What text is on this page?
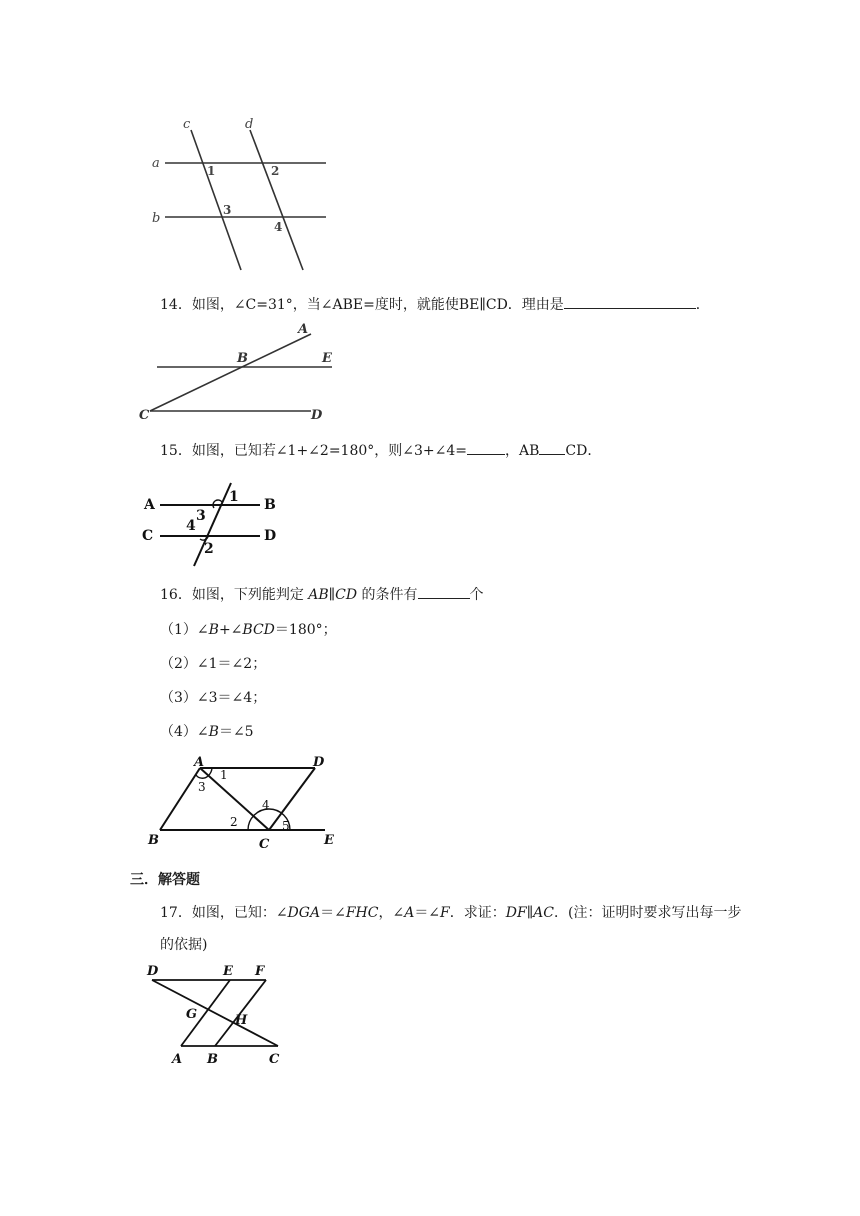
c	d
a
b
1	2
3
4
14．如图，∠C=31°，当∠ABE=度时，就能使BE∥CD．理由是	．
A
B	E
C	D
15．如图，已知若∠1+∠2=180°，则∠3+∠4=	，AB CD．
A	B
C	D
1
3
4
2
16．如图，下列能判定 AB∥CD 的条件有	个
（1）∠B+∠BCD＝180°；
（2）∠1＝∠2；
（3）∠3＝∠4；
（4）∠B＝∠5
A	D
B	C	E
1
3
4
2	5
三．解答题
17．如图，已知：∠DGA＝∠FHC，∠A＝∠F．求证：DF∥AC．(注：证明时要求写出每一步
的依据)
D	E F
G	H
A B	C
